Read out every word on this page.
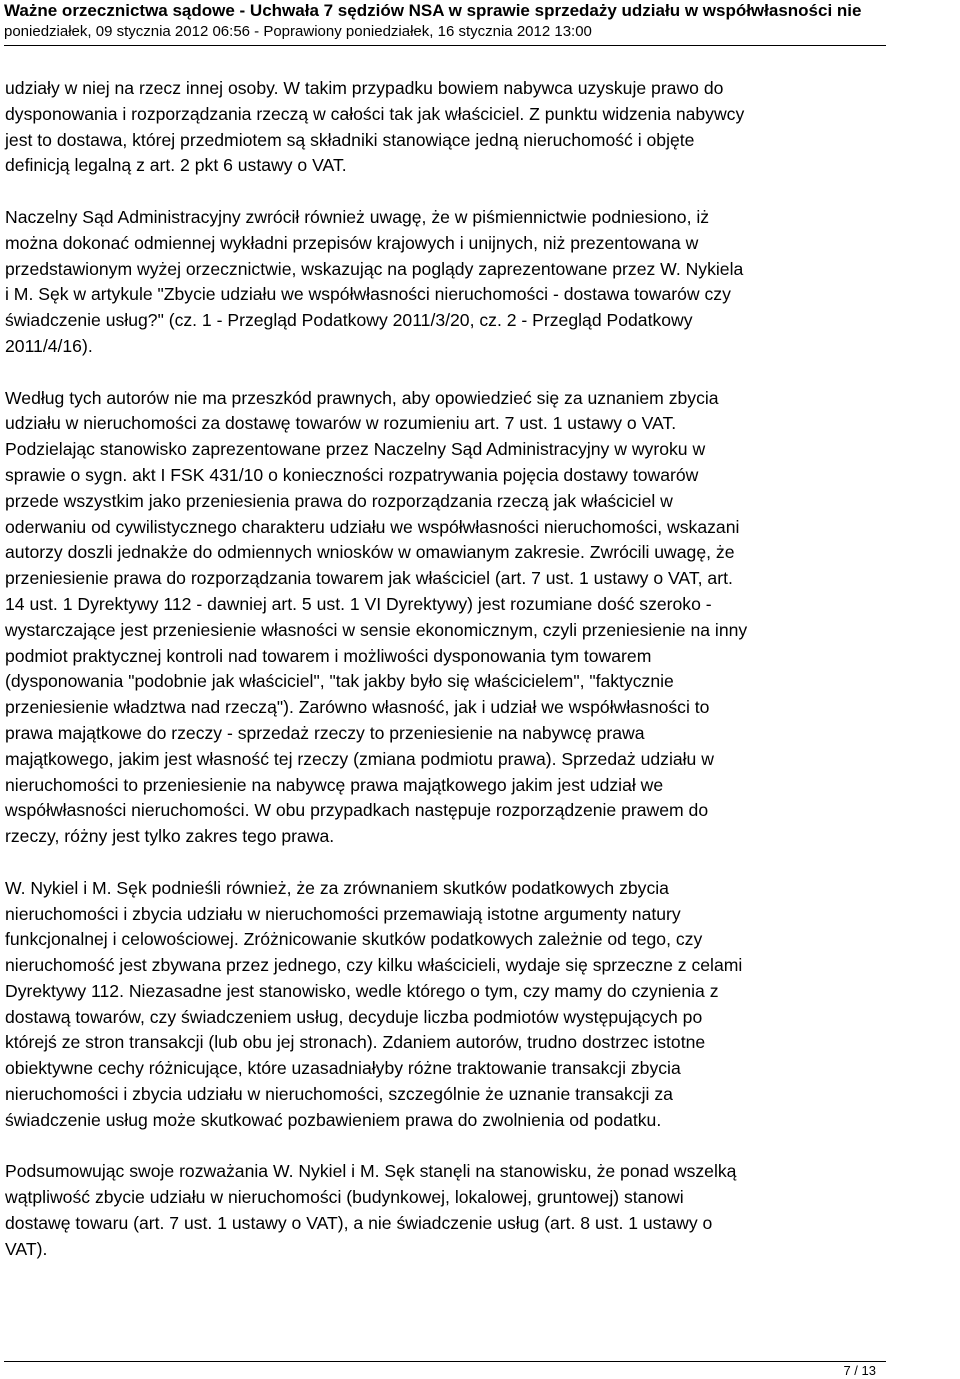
Ważne orzecznictwa sądowe - Uchwała 7 sędziów NSA w sprawie sprzedaży udziału w współwłasności nie
poniedziałek, 09 stycznia 2012 06:56 - Poprawiony poniedziałek, 16 stycznia 2012 13:00

udziały w niej na rzecz innej osoby. W takim przypadku bowiem nabywca uzyskuje prawo do
dysponowania i rozporządzania rzeczą w całości tak jak właściciel. Z punktu widzenia nabywcy
jest to dostawa, której przedmiotem są składniki stanowiące jedną nieruchomość i objęte
definicją legalną z art. 2 pkt 6 ustawy o VAT.

Naczelny Sąd Administracyjny zwrócił również uwagę, że w piśmiennictwie podniesiono, iż
można dokonać odmiennej wykładni przepisów krajowych i unijnych, niż prezentowana w
przedstawionym wyżej orzecznictwie, wskazując na poglądy zaprezentowane przez W. Nykiela
i M. Sęk w artykule "Zbycie udziału we współwłasności nieruchomości - dostawa towarów czy
świadczenie usług?" (cz. 1 - Przegląd Podatkowy 2011/3/20, cz. 2 - Przegląd Podatkowy
2011/4/16).

Według tych autorów nie ma przeszkód prawnych, aby opowiedzieć się za uznaniem zbycia
udziału w nieruchomości za dostawę towarów w rozumieniu art. 7 ust. 1 ustawy o VAT.
Podzielając stanowisko zaprezentowane przez Naczelny Sąd Administracyjny w wyroku w
sprawie o sygn. akt I FSK 431/10 o konieczności rozpatrywania pojęcia dostawy towarów
przede wszystkim jako przeniesienia prawa do rozporządzania rzeczą jak właściciel w
oderwaniu od cywilistycznego charakteru udziału we współwłasności nieruchomości, wskazani
autorzy doszli jednakże do odmiennych wniosków w omawianym zakresie. Zwrócili uwagę, że
przeniesienie prawa do rozporządzania towarem jak właściciel (art. 7 ust. 1 ustawy o VAT, art.
14 ust. 1 Dyrektywy 112 - dawniej art. 5 ust. 1 VI Dyrektywy) jest rozumiane dość szeroko -
wystarczające jest przeniesienie własności w sensie ekonomicznym, czyli przeniesienie na inny
podmiot praktycznej kontroli nad towarem i możliwości dysponowania tym towarem
(dysponowania "podobnie jak właściciel", "tak jakby było się właścicielem", "faktycznie
przeniesienie władztwa nad rzeczą"). Zarówno własność, jak i udział we współwłasności to
prawa majątkowe do rzeczy - sprzedaż rzeczy to przeniesienie na nabywcę prawa
majątkowego, jakim jest własność tej rzeczy (zmiana podmiotu prawa). Sprzedaż udziału w
nieruchomości to przeniesienie na nabywcę prawa majątkowego jakim jest udział we
współwłasności nieruchomości. W obu przypadkach następuje rozporządzenie prawem do
rzeczy, różny jest tylko zakres tego prawa.

W. Nykiel i M. Sęk podnieśli również, że za zrównaniem skutków podatkowych zbycia
nieruchomości i zbycia udziału w nieruchomości przemawiają istotne argumenty natury
funkcjonalnej i celowościowej. Zróżnicowanie skutków podatkowych zależnie od tego, czy
nieruchomość jest zbywana przez jednego, czy kilku właścicieli, wydaje się sprzeczne z celami
Dyrektywy 112. Niezasadne jest stanowisko, wedle którego o tym, czy mamy do czynienia z
dostawą towarów, czy świadczeniem usług, decyduje liczba podmiotów występujących po
którejś ze stron transakcji (lub obu jej stronach). Zdaniem autorów, trudno dostrzec istotne
obiektywne cechy różnicujące, które uzasadniałyby różne traktowanie transakcji zbycia
nieruchomości i zbycia udziału w nieruchomości, szczególnie że uznanie transakcji za
świadczenie usług może skutkować pozbawieniem prawa do zwolnienia od podatku.

Podsumowując swoje rozważania W. Nykiel i M. Sęk stanęli na stanowisku, że ponad wszelką
wątpliwość zbycie udziału w nieruchomości (budynkowej, lokalowej, gruntowej) stanowi
dostawę towaru (art. 7 ust. 1 ustawy o VAT), a nie świadczenie usług (art. 8 ust. 1 ustawy o
VAT).

7 / 13
